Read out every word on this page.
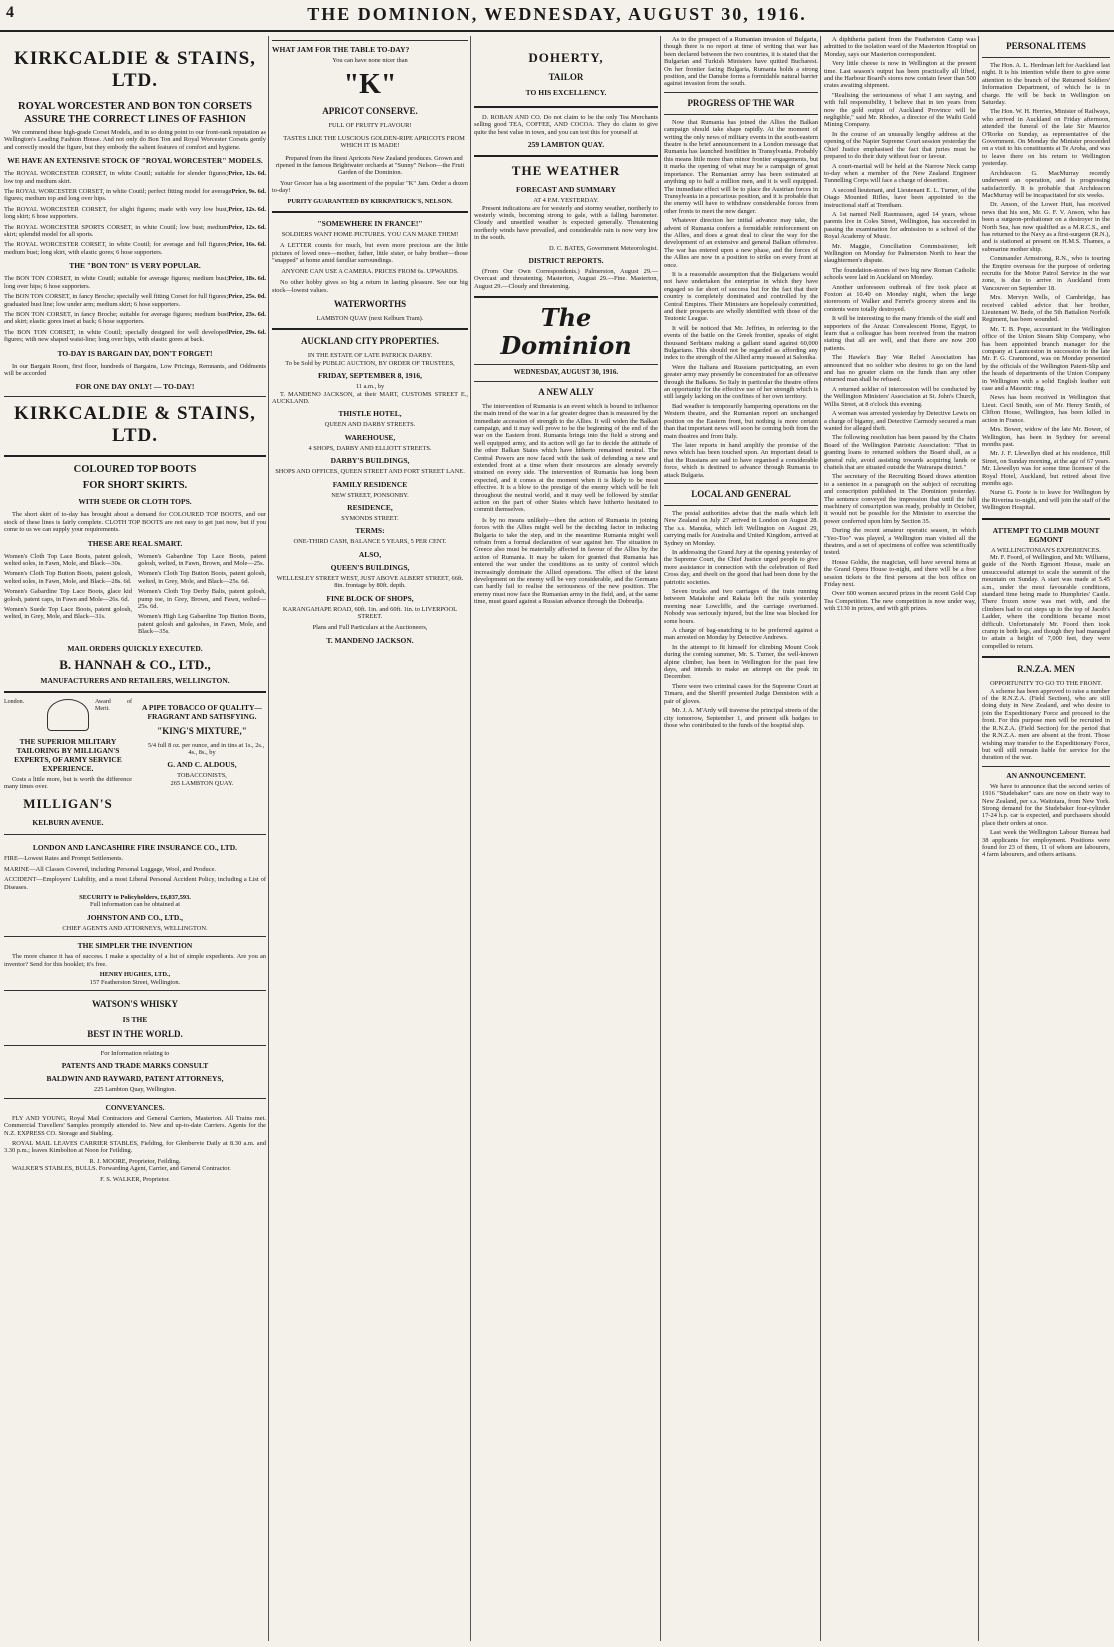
4	THE DOMINION, WEDNESDAY, AUGUST 30, 1916.
KIRKCALDIE & STAINS, LTD.
ROYAL WORCESTER AND BON TON CORSETS ASSURE THE CORRECT LINES OF FASHION

We commend these high-grade Corset Models, and in so doing point to our front-rank reputation as Wellington's Leading Fashion House. And not only do Bon Ton and Royal Worcester Corsets gently and correctly mould the figure, but they embody the salient features of comfort and hygiene.

WE HAVE AN EXTENSIVE STOCK OF "ROYAL WORCESTER" MODELS.
Price, 12s. 6d.
The ROYAL WORCESTER CORSET, in white Coutil; suitable for slender figures; low top and medium skirt.
Price, 9s. 6d.
The ROYAL WORCESTER CORSET, in white Coutil; perfect fitting model for average figures; medium top and long over hips.
Price, 12s. 6d.
The ROYAL WORCESTER CORSET, for slight figures; made with very low bust, long skirt; 6 hose supporters.
Price, 12s. 6d.
The ROYAL WORCESTER SPORTS CORSET, in white Coutil; low bust; medium skirt; splendid model for all sports.
Price, 16s. 6d.
The ROYAL WORCESTER CORSET, in white Coutil; for average and full figures; medium bust; long skirt, with elastic gores; 6 hose supporters.
THE "BON TON" IS VERY POPULAR.
Price, 18s. 6d.
The BON TON CORSET, in white Coutil; suitable for average figures; medium bust; long over hips; 6 hose supporters.
Price, 25s. 0d.
The BON TON CORSET, in fancy Broche; specially well fitting Corset for full figures; graduated bust line; low under arm; medium skirt; 6 hose supporters.
Price, 23s. 6d.
The BON TON CORSET, in fancy Broche; suitable for average figures; medium bust and skirt; elastic gores inset at back; 6 hose supporters.
Price, 29s. 6d.
The BON TON CORSET, in white Coutil; specially designed for well developed figures; with new shaped waist-line; long over hips, with elastic gores at back.
TO-DAY IS BARGAIN DAY, DON'T FORGET!

In our Bargain Room, first floor, hundreds of Bargains, Low Pricings, Remnants, and Oddments will be accorded

FOR ONE DAY ONLY! — TO-DAY!
KIRKCALDIE & STAINS, LTD.
COLOURED TOP BOOTS
FOR SHORT SKIRTS.
WITH SUEDE OR CLOTH TOPS.

The short skirt of to-day has brought about a demand for COLOURED TOP BOOTS, and our stock of these lines is fairly complete. CLOTH TOP BOOTS are not easy to get just now, but if you come to us we can supply your requirements.

THESE ARE REAL SMART.
Women's Cloth Top Lace Boots, patent golosh, welted soles, in Fawn, Mole, and Black—30s.
Women's Cloth Top Button Boots, patent golosh, welted soles, in Fawn, Mole, and Black—28s. 6d.
Women's Gabardine Top Lace Boots, glace kid golosh, patent caps, in Fawn and Mole—26s. 6d.
Women's Suede Top Lace Boots, patent golosh, welted, in Grey, Mole, and Black—31s.
Women's Gabardine Top Lace Boots, patent golosh, welted, in Fawn, Brown, and Mole—25s.
Women's Cloth Top Button Boots, patent golosh, welted, in Grey, Mole, and Black—25s. 6d.
Women's Cloth Top Derby Balts, patent golosh, pump toe, in Grey, Brown, and Fawn, welted—25s. 6d.
Women's High Leg Gabardine Top Button Boots, patent golosh and galoshes, in Fawn, Mole, and Black—35s.
MAIL ORDERS QUICKLY EXECUTED.
B. HANNAH & CO., LTD.,
MANUFACTURERS AND RETAILERS, WELLINGTON.
London.	Award of Merit.
THE SUPERIOR MILITARY TAILORING BY MILLIGAN'S EXPERTS, OF ARMY SERVICE EXPERIENCE.

Costs a little more, but is worth the difference many times over.

MILLIGAN'S
KELBURN AVENUE.
A PIPE TOBACCO OF QUALITY—FRAGRANT AND SATISFYING.
"KING'S MIXTURE,"

5/4 full 8 oz. per ounce, and in tins at 1s., 2s., 4s., 8s., by

G. AND C. ALDOUS,
TOBACCONISTS,
265 LAMBTON QUAY.
LONDON AND LANCASHIRE FIRE INSURANCE CO., LTD.
FIRE—Lowest Rates and Prompt Settlements.
MARINE—All Classes Covered, including Personal Luggage, Wool, and Produce.
ACCIDENT—Employers' Liability, and a most Liberal Personal Accident Policy, including a List of Diseases.
SECURITY to Policyholders, £6,837,593.
Full information can be obtained at
JOHNSTON AND CO., LTD.,
CHIEF AGENTS AND ATTORNEYS, WELLINGTON.
THE SIMPLER THE INVENTION

The more chance it has of success. I make a speciality of a list of simple expedients. Are you an inventor? Send for this booklet; it's free.

HENRY HUGHES, LTD.,
157 Featherston Street, Wellington.
WATSON'S WHISKY
IS THE
BEST IN THE WORLD.
For Information relating to
PATENTS AND TRADE MARKS CONSULT
BALDWIN AND RAYWARD, PATENT ATTORNEYS,
225 Lambton Quay, Wellington.
CONVEYANCES.

FLY AND YOUNG, Royal Mail Contractors and General Carriers, Masterton. All Trains met. Commercial Travellers' Samples promptly attended to. New and up-to-date Carriers. Agents for the N.Z. EXPRESS CO. Storage and Stabling.

ROYAL MAIL LEAVES CARRIER STABLES, Fielding, for Glenbervie Daily at 8.30 a.m. and 3.30 p.m.; leaves Kimbolton at Noon for Feilding.

R. J. MOORE, Proprietor, Feilding.

WALKER'S STABLES, BULLS. Forwarding Agent, Carrier, and General Contractor.

F. S. WALKER, Proprietor.
WHAT JAM FOR THE TABLE TO-DAY?
You can have none nicer than
"K"
APRICOT CONSERVE.
FULL OF FRUITY FLAVOUR!

TASTES LIKE THE LUSCIOUS GOLDEN-RIPE APRICOTS FROM WHICH IT IS MADE!

Prepared from the finest Apricots New Zealand produces. Grown and ripened in the famous Brightwater orchards at "Sunny" Nelson—the Fruit Garden of the Dominion.

Your Grocer has a big assortment of the popular "K" Jam. Order a dozen to-day!

PURITY GUARANTEED BY KIRKPATRICK'S, NELSON.
"SOMEWHERE IN FRANCE!"
SOLDIERS WANT HOME PICTURES. YOU CAN MAKE THEM!

A LETTER counts for much, but even more precious are the little pictures of loved ones—mother, father, little sister, or baby brother—those "snapped" at home amid familiar surroundings.

ANYONE CAN USE A CAMERA. PRICES FROM 6s. UPWARDS.

No other hobby gives so big a return in lasting pleasure. See our big stock—lowest values.

WATERWORTHS
LAMBTON QUAY (next Kelburn Tram).
AUCKLAND CITY PROPERTIES.
IN THE ESTATE OF LATE PATRICK DARBY.
To be Sold by PUBLIC AUCTION, BY ORDER OF TRUSTEES,
FRIDAY, SEPTEMBER 8, 1916,
11 a.m., by

T. MANDENO JACKSON, at their MART, CUSTOMS STREET E., AUCKLAND.

THISTLE HOTEL,
QUEEN AND DARBY STREETS.
WAREHOUSE,
4 SHOPS, DARBY AND ELLIOTT STREETS.
DARBY'S BUILDINGS,
SHOPS AND OFFICES, QUEEN STREET AND FORT STREET LANE.
FAMILY RESIDENCE
NEW STREET, PONSONBY.
RESIDENCE,
SYMONDS STREET.
TERMS:
ONE-THIRD CASH, BALANCE 5 YEARS, 5 PER CENT.
ALSO,
QUEEN'S BUILDINGS,
WELLESLEY STREET WEST, JUST ABOVE ALBERT STREET, 66ft. 8in. frontage by 80ft. depth.
FINE BLOCK OF SHOPS,
KARANGAHAPE ROAD, 60ft. 1in. and 60ft. 1in. to LIVERPOOL STREET.
Plans and Full Particulars at the Auctioneers,
T. MANDENO JACKSON.
DOHERTY,
TAILOR
TO HIS EXCELLENCY.

D. ROBAN AND CO. Do not claim to be the only Tea Merchants selling good TEA, COFFEE, AND COCOA. They do claim to give quite the best value in town, and you can test this for yourself at

259 LAMBTON QUAY.
THE WEATHER
FORECAST AND SUMMARY
AT 4 P.M. YESTERDAY.

Present indications are for westerly and stormy weather, northerly to westerly winds, becoming strong to gale, with a falling barometer. Cloudy and unsettled weather is expected generally. Threatening northerly winds have prevailed, and considerable rain is now very low in the south.

D. C. BATES, Government Meteorologist.
DISTRICT REPORTS.

(From Our Own Correspondents.) Palmerston, August 29.—Overcast and threatening. Masterton, August 29.—Fine. Masterton, August 29.—Cloudy and threatening.

The Dominion
WEDNESDAY, AUGUST 30, 1916.
A NEW ALLY

The intervention of Rumania is an event which is bound to influence the main trend of the war in a far greater degree than is measured by the immediate accession of strength to the Allies. It will widen the Balkan campaign, and it may well prove to be the beginning of the end of the war on the Eastern front. Rumania brings into the field a strong and well equipped army, and its action will go far to decide the attitude of the other Balkan States which have hitherto remained neutral. The Central Powers are now faced with the task of defending a new and extended front at a time when their resources are already severely strained on every side. The intervention of Rumania has long been expected, and it comes at the moment when it is likely to be most effective. It is a blow to the prestige of the enemy which will be felt throughout the neutral world, and it may well be followed by similar action on the part of other States which have hitherto hesitated to commit themselves.

Is by no means unlikely—then the action of Rumania in joining forces with the Allies might well be the deciding factor in inducing Bulgaria to take the step, and in the meantime Rumania might well refrain from a formal declaration of war against her. The situation in Greece also must be materially affected in favour of the Allies by the action of Rumania. It may be taken for granted that Rumania has entered the war under the conditions as to unity of control which increasingly dominate the Allied operations. The effect of the latest development on the enemy will be very considerable, and the Germans can hardly fail to realise the seriousness of the new position. The enemy must now face the Rumanian army in the field, and, at the same time, must guard against a Russian advance through the Dobrudja.

As to the prospect of a Rumanian invasion of Bulgaria, though there is no report at time of writing that war has been declared between the two countries, it is stated that the Bulgarian and Turkish Ministers have quitted Bucharest. On her frontier facing Bulgaria, Rumania holds a strong position, and the Danube forms a formidable natural barrier against invasion from the south.

PROGRESS OF THE WAR

Now that Rumania has joined the Allies the Balkan campaign should take shape rapidly. At the moment of writing the only news of military events in the south-eastern theatre is the brief announcement in a London message that Rumania has launched hostilities in Transylvania. Probably this means little more than minor frontier engagements, but it marks the opening of what may be a campaign of great importance. The Rumanian army has been estimated at anything up to half a million men, and it is well equipped. The immediate effect will be to place the Austrian forces in Transylvania in a precarious position, and it is probable that the enemy will have to withdraw considerable forces from other fronts to meet the new danger.

Whatever direction her initial advance may take, the advent of Rumania confers a formidable reinforcement on the Allies, and does a great deal to clear the way for the development of an extensive and general Balkan offensive. The war has entered upon a new phase, and the forces of the Allies are now in a position to strike on every front at once.

It is a reasonable assumption that the Bulgarians would not have undertaken the enterprise in which they have engaged so far short of success but for the fact that their country is completely dominated and controlled by the Central Empires. Their Ministers are hopelessly committed, and their prospects are wholly identified with those of the Teutonic League.

It will be noticed that Mr. Jeffries, in referring to the events of the battle on the Greek frontier, speaks of eight thousand Serbians making a gallant stand against 60,000 Bulgarians. This should not be regarded as affording any index to the strength of the Allied army massed at Salonika.

Were the Italians and Russians participating, an even greater army may presently be concentrated for an offensive through the Balkans. So Italy in particular the theatre offers an opportunity for the effective use of her strength which is still largely lacking on the confines of her own territory.

Bad weather is temporarily hampering operations on the Western theatre, and the Rumanian report an unchanged position on the Eastern front, but nothing is more certain than that important news will soon be coming both from the main theatres and from Italy.

The later reports in hand amplify the promise of the news which has been touched upon. An important detail is that the Russians are said to have organised a considerable force, which is destined to advance through Rumania to attack Bulgaria.

LOCAL AND GENERAL

The postal authorities advise that the mails which left New Zealand on July 27 arrived in London on August 28. The s.s. Manuka, which left Wellington on August 29, carrying mails for Australia and United Kingdom, arrived at Sydney on Monday.

In addressing the Grand Jury at the opening yesterday of the Supreme Court, the Chief Justice urged people to give more assistance in connection with the celebration of Red Cross day, and dwelt on the good that had been done by the patriotic societies.

Seven trucks and two carriages of the train running between Matakohe and Rakaia left the rails yesterday morning near Lowcliffe, and the carriage overturned. Nobody was seriously injured, but the line was blocked for some hours.

A charge of bag-snatching is to be preferred against a man arrested on Monday by Detective Andrews.

In the attempt to fit himself for climbing Mount Cook during the coming summer, Mr. S. Turner, the well-known alpine climber, has been in Wellington for the past few days, and intends to make an attempt on the peak in December.

There were two criminal cases for the Supreme Court at Timaru, and the Sheriff presented Judge Denniston with a pair of gloves.

Mr. J. A. M'Ardy will traverse the principal streets of the city tomorrow, September 1, and present silk badges to those who contributed to the funds of the hospital ship.

A diphtheria patient from the Featherston Camp was admitted to the isolation ward of the Masterton Hospital on Monday, says our Masterton correspondent.

Very little cheese is now in Wellington at the present time. Last season's output has been practically all lifted, and the Harbour Board's stores now contain fewer than 500 crates awaiting shipment.

"Realising the seriousness of what I am saying, and with full responsibility, I believe that in ten years from now the gold output of Auckland Province will be negligible," said Mr. Rhodes, a director of the Waihi Gold Mining Company.

In the course of an unusually lengthy address at the opening of the Napier Supreme Court session yesterday the Chief Justice emphasised the fact that juries must be prepared to do their duty without fear or favour.

A court-martial will be held at the Narrow Neck camp to-day when a member of the New Zealand Engineer Tunnelling Corps will face a charge of desertion.

A second lieutenant, and Lieutenant E. L. Turner, of the Otago Mounted Rifles, have been appointed to the instructional staff at Trentham.

A 1st named Nell Rasmussen, aged 14 years, whose parents live in Coles Street, Wellington, has succeeded in passing the examination for admission to a school of the Royal Academy of Music.

Mr. Maggie, Conciliation Commissioner, left Wellington on Monday for Palmerston North to hear the slaughtermen's dispute.

The foundation-stones of two big new Roman Catholic schools were laid in Auckland on Monday.

Another unforeseen outbreak of fire took place at Foxton at 10.40 on Monday night, when the large storeroom of Walker and Ferret's grocery stores and its contents were totally destroyed.

It will be interesting to the many friends of the staff and supporters of the Anzac Convalescent Home, Egypt, to learn that a colleague has been received from the matron stating that all are well, and that there are now 200 patients.

The Hawke's Bay War Relief Association has announced that no soldier who desires to go on the land and has no greater claim on the funds than any other returned man shall be refused.

A returned soldier of intercession will be conducted by the Wellington Ministers' Association at St. John's Church, Willis Street, at 8 o'clock this evening.

A woman was arrested yesterday by Detective Lewis on a charge of bigamy, and Detective Carmody secured a man wanted for alleged theft.

The following resolution has been passed by the Chairs Board of the Wellington Patriotic Association: "That in granting loans to returned soldiers the Board shall, as a general rule, avoid assisting towards acquiring lands or chattels that are situated outside the Wairarapa district."

The secretary of the Recruiting Board draws attention to a sentence in a paragraph on the subject of recruiting and conscription published in The Dominion yesterday. The sentence conveyed the impression that until the full machinery of conscription was ready, probably in October, it would not be possible for the Minister to exercise the power conferred upon him by Section 35.

During the recent amateur operatic season, in which "Yeo-Too" was played, a Wellington man visited all the theatres, and a set of specimens of coffee was scientifically tested.

House Goldie, the magician, will have several items at the Grand Opera House to-night, and there will be a free session tickets to the first persons at the box office on Friday next.

Over 600 women secured prizes in the recent Gold Cup Tea Competition. The new competition is now under way, with £130 in prizes, and with gift prizes.

PERSONAL ITEMS

The Hon. A. L. Herdman left for Auckland last night. It is his intention while there to give some attention to the branch of the Returned Soldiers' Information Department, of which he is in charge. He will be back in Wellington on Saturday.

The Hon. W. H. Herries, Minister of Railways, who arrived in Auckland on Friday afternoon, attended the funeral of the late Sir Maurice O'Rorke on Sunday, as representative of the Government. On Monday the Minister proceeded on a visit to his constituents at Te Aroha, and was to leave there on his return to Wellington yesterday.

Archdeacon G. MacMurray recently underwent an operation, and is progressing satisfactorily. It is probable that Archdeacon MacMurray will be incapacitated for six weeks.

Dr. Anson, of the Lower Hutt, has received news that his son, Mr. G. F. V. Anson, who has been a surgeon-probationer on a destroyer in the North Sea, has now qualified as a M.R.C.S., and has returned to the Navy as a first-surgeon (R.N.), and is stationed at present on H.M.S. Thames, a submarine mother ship.

Commander Armstrong, R.N., who is touring the Empire overseas for the purpose of ordering recruits for the Motor Patrol Service in the war zone, is due to arrive in Auckland from Vancouver on September 18.

Mrs. Mervyn Wells, of Cambridge, has received cabled advice that her brother, Lieutenant W. Bede, of the 5th Battalion Norfolk Regiment, has been wounded.

Mr. T. B. Pope, accountant in the Wellington office of the Union Steam Ship Company, who has been appointed branch manager for the company at Launceston in succession to the late Mr. F. G. Crammond, was on Monday presented by the officials of the Wellington Patent-Slip and the heads of departments of the Union Company in Wellington with a solid English leather suit case and a Masonic ring.

News has been received in Wellington that Lieut. Cecil Smith, son of Mr. Henry Smith, of Clifton House, Wellington, has been killed in action in France.

Mrs. Bower, widow of the late Mr. Bower, of Wellington, has been in Sydney for several months past.

Mr. J. F. Llewellyn died at his residence, Hill Street, on Sunday morning, at the age of 67 years. Mr. Llewellyn was for some time licensee of the Royal Hotel, Auckland, but retired about five months ago.

Nurse G. Foote is to leave for Wellington by the Riverina to-night, and will join the staff of the Wellington Hospital.

ATTEMPT TO CLIMB MOUNT EGMONT
A WELLINGTONIAN'S EXPERIENCES.

Mr. F. Foord, of Wellington, and Mr. Williams, guide of the North Egmont House, made an unsuccessful attempt to scale the summit of the mountain on Sunday. A start was made at 5.45 a.m., under the most favourable conditions, standard time being made to Humphries' Castle. There frozen snow was met with, and the climbers had to cut steps up to the top of Jacob's Ladder, where the conditions became most difficult. Unfortunately Mr. Foord then took cramp in both legs, and though they had managed to attain a height of 7,000 feet, they were compelled to return.

R.N.Z.A. MEN
OPPORTUNITY TO GO TO THE FRONT.

A scheme has been approved to raise a number of the R.N.Z.A. (Field Section), who are still doing duty in New Zealand, and who desire to join the Expeditionary Force and proceed to the front. For this purpose men will be recruited in the R.N.Z.A. (Field Section) for the period that the R.N.Z.A. men are absent at the front. Those wishing may transfer to the Expeditionary Force, but will still remain liable for service for the duration of the war.

AN ANNOUNCEMENT.

We have to announce that the second series of 1916 "Studebaker" cars are now on their way to New Zealand, per s.s. Waitotara, from New York. Strong demand for the Studebaker four-cylinder 17-24 h.p. car is expected, and purchasers should place their orders at once.

Last week the Wellington Labour Bureau had 38 applicants for employment. Positions were found for 23 of them, 11 of whom are labourers, 4 farm labourers, and others artisans.
